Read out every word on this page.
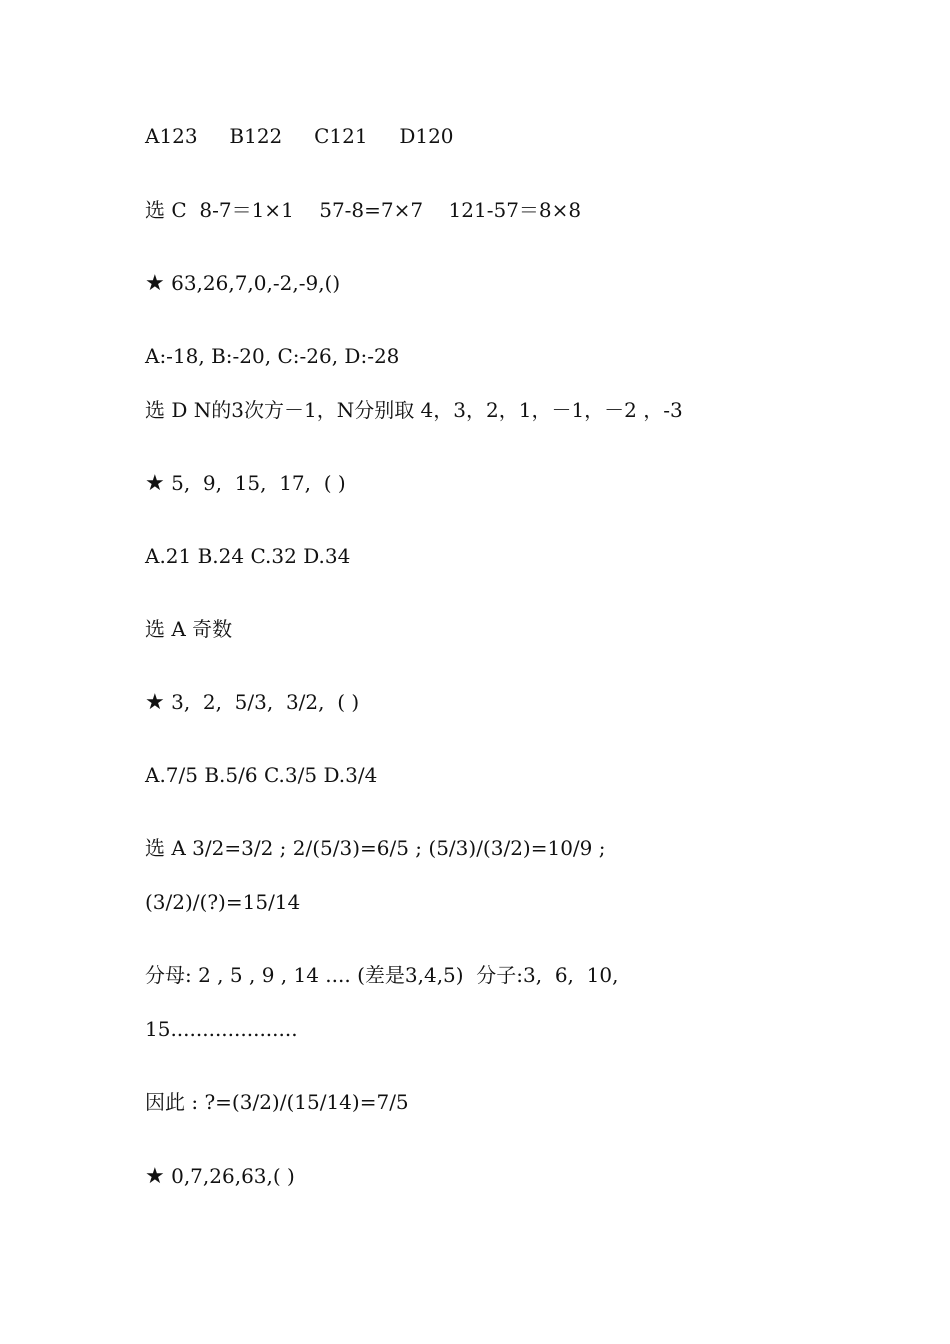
A123     B122     C121     D120
选 C  8-7＝1×1    57-8=7×7    121-57＝8×8
★ 63,26,7,0,-2,-9,()
A:-18, B:-20, C:-26, D:-28
选 D N的3次方－1，N分别取 4，3，2，1，－1，－2 ，-3
★ 5,  9,  15,  17,  ( )
A.21 B.24 C.32 D.34
选 A 奇数
★ 3,  2,  5/3,  3/2,  ( )
A.7/5 B.5/6 C.3/5 D.3/4
选 A 3/2=3/2 ; 2/(5/3)=6/5 ; (5/3)/(3/2)=10/9 ;
(3/2)/(?)=15/14
分母: 2 , 5 , 9 , 14 .... (差是3,4,5)  分子:3,  6,  10,
15....................
因此 : ?=(3/2)/(15/14)=7/5
★ 0,7,26,63,( )
